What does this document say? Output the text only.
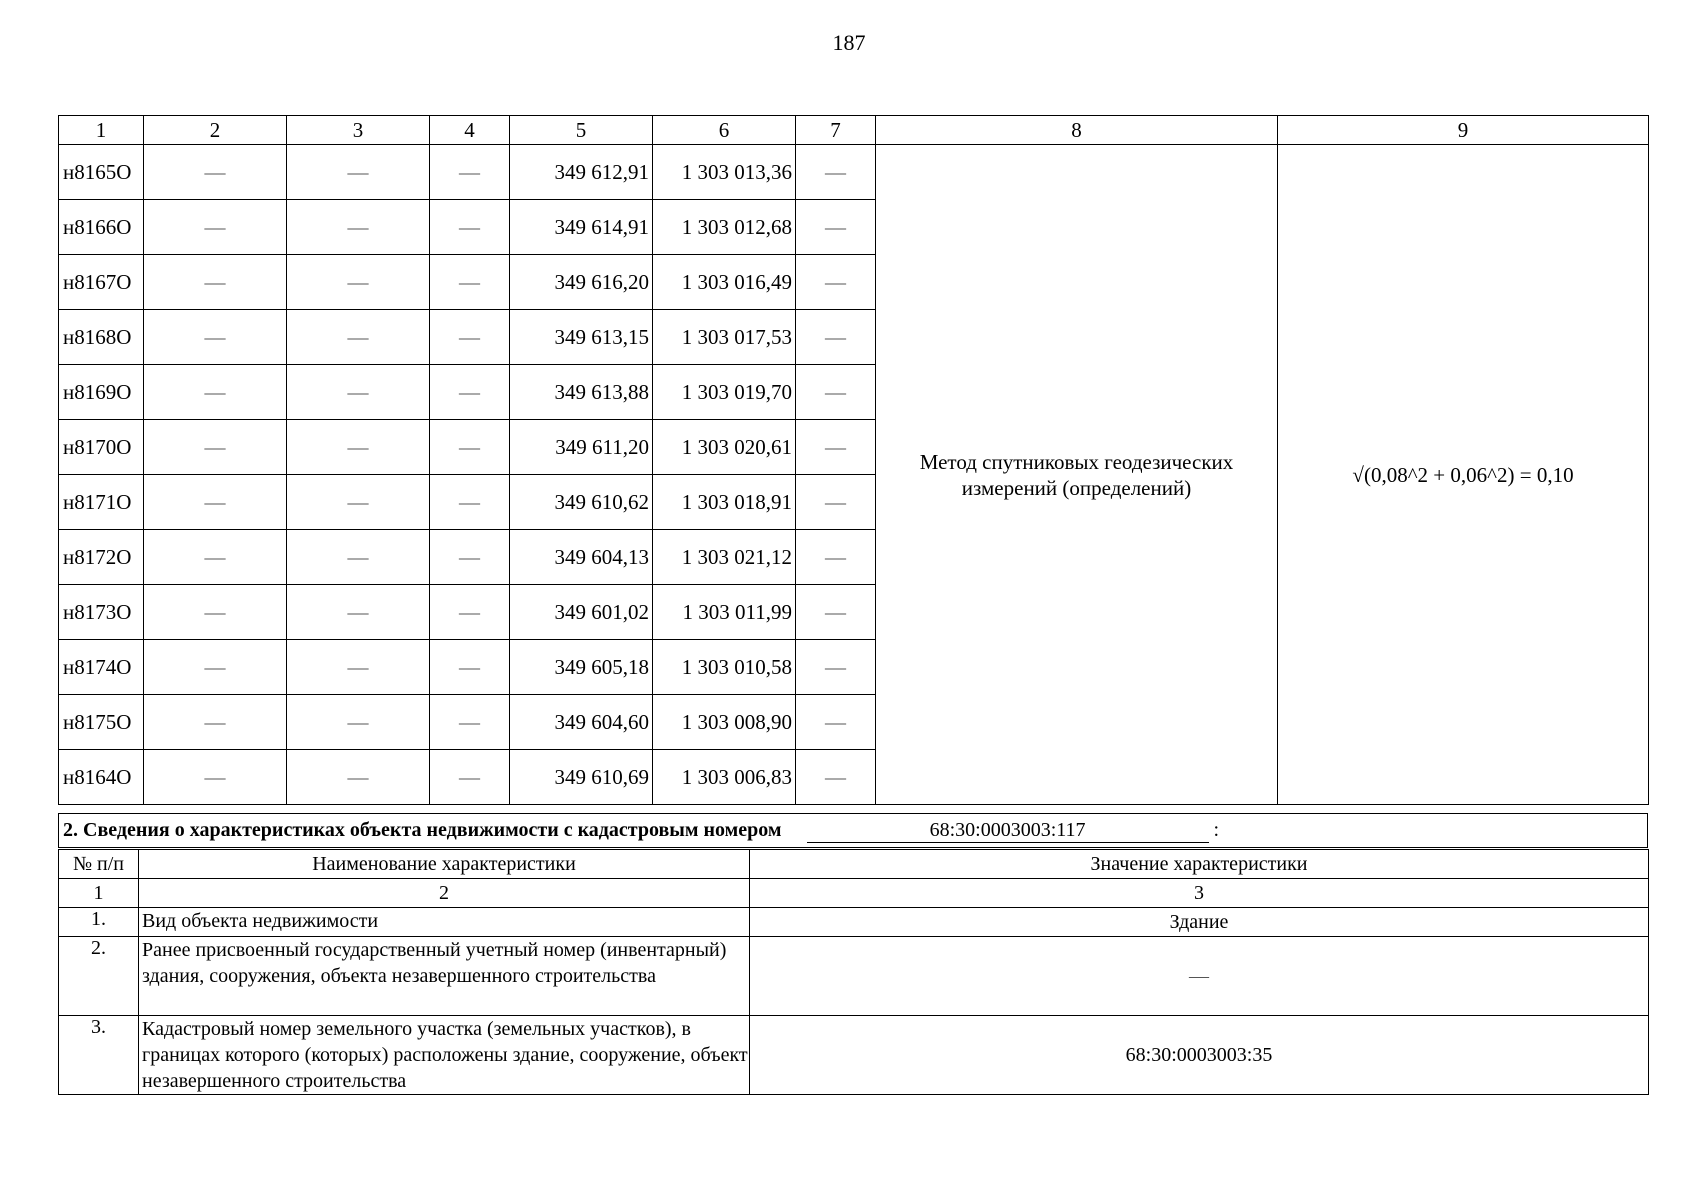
187
1	2	3	4	5	6	7	8	9
н8165О	—	—	—	349 612,91	1 303 013,36	—	Метод спутниковых геодезических измерений (определений)	√(0,08^2 + 0,06^2) = 0,10
н8166О	—	—	—	349 614,91	1 303 012,68	—		
н8167О	—	—	—	349 616,20	1 303 016,49	—		
н8168О	—	—	—	349 613,15	1 303 017,53	—		
н8169О	—	—	—	349 613,88	1 303 019,70	—		
н8170О	—	—	—	349 611,20	1 303 020,61	—		
н8171О	—	—	—	349 610,62	1 303 018,91	—		
н8172О	—	—	—	349 604,13	1 303 021,12	—		
н8173О	—	—	—	349 601,02	1 303 011,99	—		
н8174О	—	—	—	349 605,18	1 303 010,58	—		
н8175О	—	—	—	349 604,60	1 303 008,90	—		
н8164О	—	—	—	349 610,69	1 303 006,83	—		
2. Сведения о характеристиках объекта недвижимости с кадастровым номером	68:30:0003003:117	:
№ п/п	Наименование характеристики	Значение характеристики
1	2	3
1.	Вид объекта недвижимости	Здание
2.	Ранее присвоенный государственный учетный номер (инвентарный) здания, сооружения, объекта незавершенного строительства	—
3.	Кадастровый номер земельного участка (земельных участков), в границах которого (которых) расположены здание, сооружение, объект незавершенного строительства	68:30:0003003:35
